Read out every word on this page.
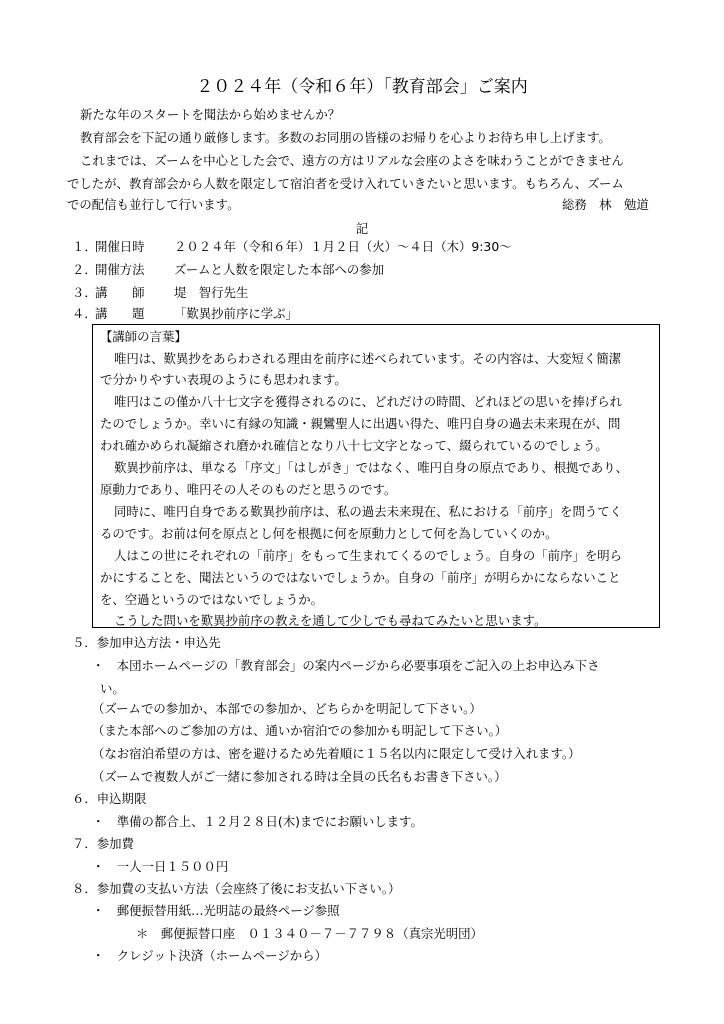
２０２４年（令和６年）「教育部会」ご案内
新たな年のスタートを聞法から始めませんか？
教育部会を下記の通り厳修します。多数のお同朋の皆様のお帰りを心よりお待ち申し上げます。
これまでは、ズームを中心とした会で、遠方の方はリアルな会座のよさを味わうことができません
でしたが、教育部会から人数を限定して宿泊者を受け入れていきたいと思います。もちろん、ズーム
での配信も並行して行います。	総務　林　勉道
記
１．
開催日時 ２０２４年（令和６年）１月２日（火）～４日（木）9:30～
２．
開催方法 ズームと人数を限定した本部への参加
３．
講　　師 堤　智行先生
４．
講　　題 「歎異抄前序に学ぶ」
【講師の言葉】
唯円は、歎異抄をあらわされる理由を前序に述べられています。その内容は、大変短く簡潔
で分かりやすい表現のようにも思われます。
唯円はこの僅か八十七文字を獲得されるのに、どれだけの時間、どれほどの思いを捧げられ
たのでしょうか。幸いに有縁の知識・親鸞聖人に出遇い得た、唯円自身の過去未来現在が、問
われ確かめられ凝縮され磨かれ確信となり八十七文字となって、綴られているのでしょう。
歎異抄前序は、単なる「序文」「はしがき」ではなく、唯円自身の原点であり、根拠であり、
原動力であり、唯円その人そのものだと思うのです。
同時に、唯円自身である歎異抄前序は、私の過去未来現在、私における「前序」を問うてく
るのです。お前は何を原点とし何を根拠に何を原動力として何を為していくのか。
人はこの世にそれぞれの「前序」をもって生まれてくるのでしょう。自身の「前序」を明ら
かにすることを、聞法というのではないでしょうか。自身の「前序」が明らかにならないこと
を、空過というのではないでしょうか。
こうした問いを歎異抄前序の教えを通して少しでも尋ねてみたいと思います。
５．参加申込方法・申込先
・　本団ホームページの「教育部会」の案内ページから必要事項をご記入の上お申込み下さ
い。
（ズームでの参加か、本部での参加か、どちらかを明記して下さい。）
（また本部へのご参加の方は、通いか宿泊での参加かも明記して下さい。）
（なお宿泊希望の方は、密を避けるため先着順に１５名以内に限定して受け入れます。）
（ズームで複数人がご一緒に参加される時は全員の氏名もお書き下さい。）
６．申込期限
・　準備の都合上、１２月２８日(木)までにお願いします。
７．参加費
・　一人一日１５００円
８．参加費の支払い方法（会座終了後にお支払い下さい。）
・　郵便振替用紙…光明誌の最終ページ参照
＊　郵便振替口座　０１３４０－７－７７９８（真宗光明団）
・　クレジット決済（ホームページから）
